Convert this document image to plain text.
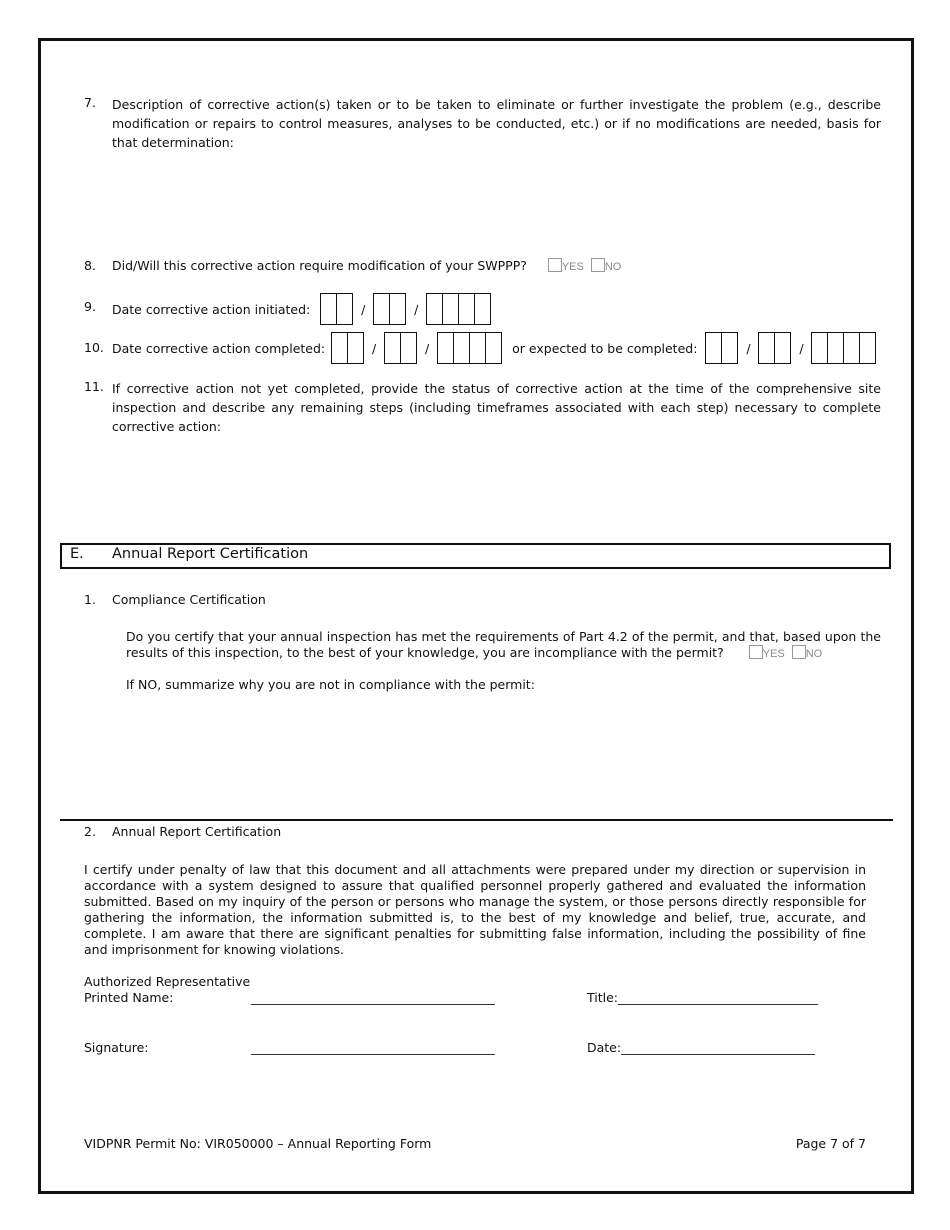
7. Description of corrective action(s) taken or to be taken to eliminate or further investigate the problem (e.g., describe modification or repairs to control measures, analyses to be conducted, etc.) or if no modifications are needed, basis for that determination:
8. Did/Will this corrective action require modification of your SWPPP?	YES NO
9. Date corrective action initiated:	/	/
10. Date corrective action completed:	/	/	or expected to be completed:	/	/
11. If corrective action not yet completed, provide the status of corrective action at the time of the comprehensive site inspection and describe any remaining steps (including timeframes associated with each step) necessary to complete corrective action:
E. Annual Report Certification
1. Compliance Certification
Do you certify that your annual inspection has met the requirements of Part 4.2 of the permit, and that, based upon the results of this inspection, to the best of your knowledge, you are incompliance with the permit?	YES NO
If NO, summarize why you are not in compliance with the permit:
2. Annual Report Certification
I certify under penalty of law that this document and all attachments were prepared under my direction or supervision in accordance with a system designed to assure that qualified personnel properly gathered and evaluated the information submitted. Based on my inquiry of the person or persons who manage the system, or those persons directly responsible for gathering the information, the information submitted is, to the best of my knowledge and belief, true, accurate, and complete. I am aware that there are significant penalties for submitting false information, including the possibility of fine and imprisonment for knowing violations.
Authorized Representative
Printed Name:	_______________________________________	Title:________________________________
Signature:	_______________________________________	Date:_______________________________
VIDPNR Permit No: VIR050000 – Annual Reporting Form	Page 7 of 7
